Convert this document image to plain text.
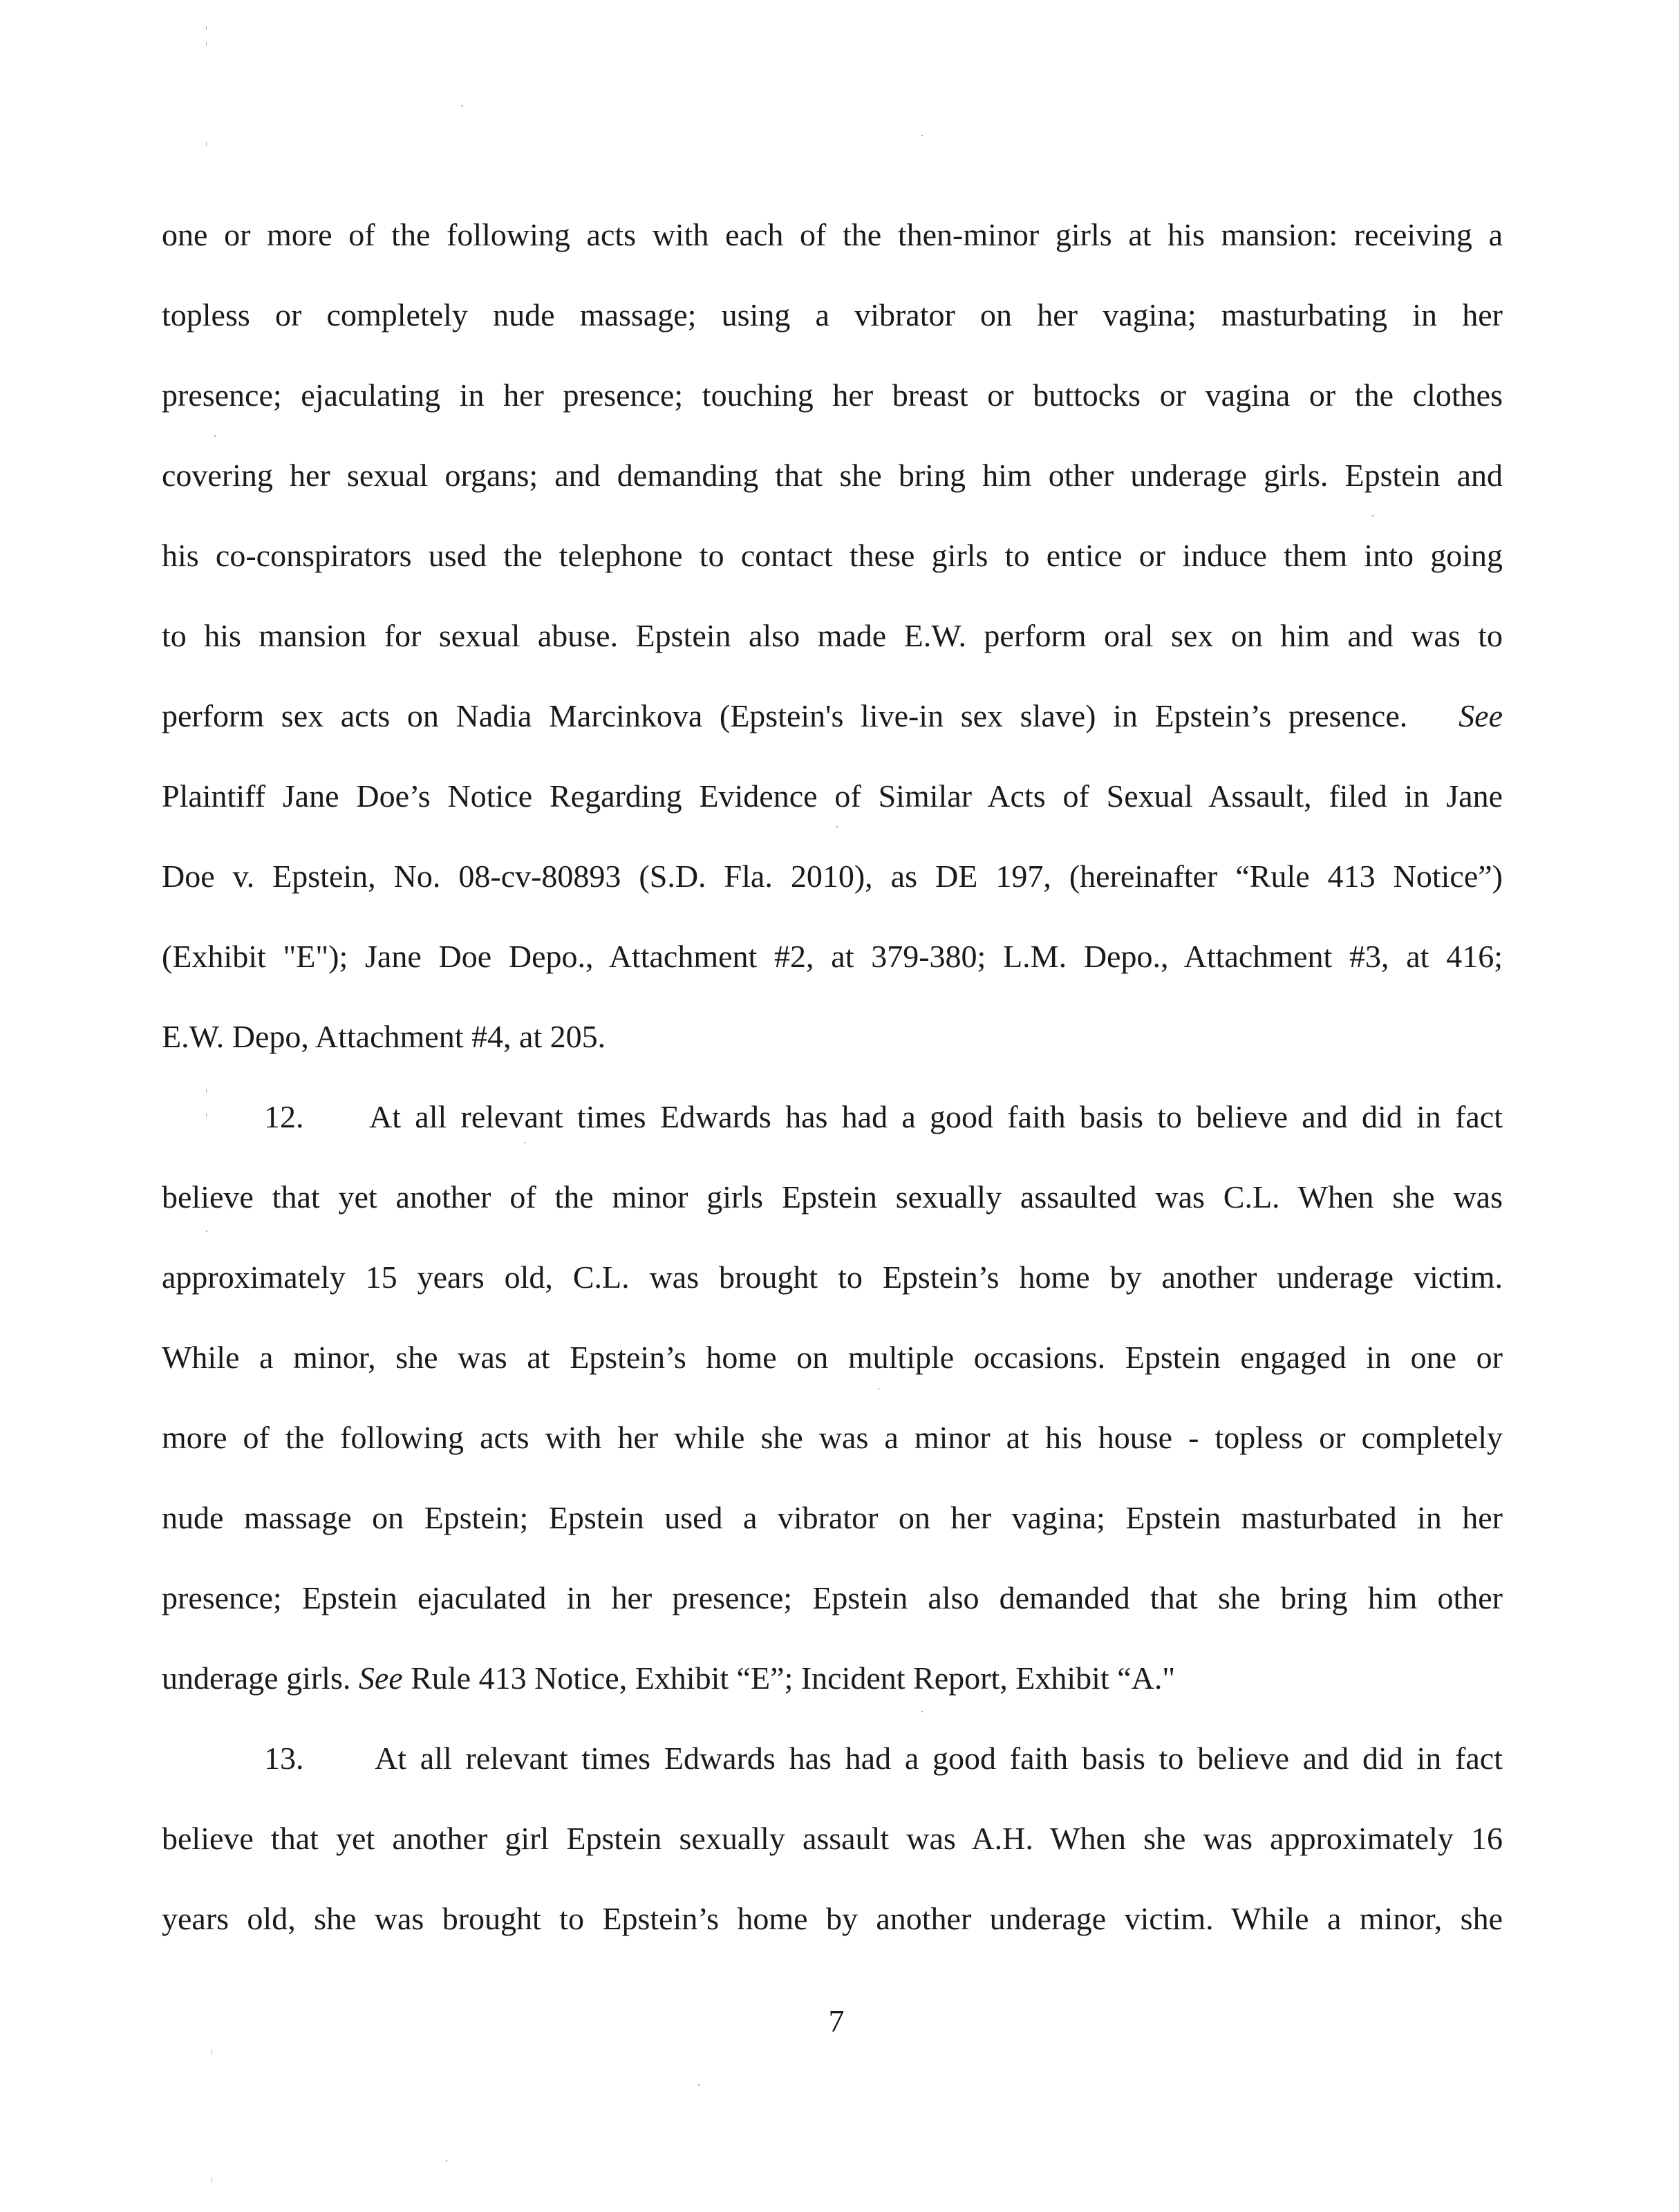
one or more of the following acts with each of the then-minor girls at his mansion: receiving a
topless or completely nude massage; using a vibrator on her vagina; masturbating in her
presence; ejaculating in her presence; touching her breast or buttocks or vagina or the clothes
covering her sexual organs; and demanding that she bring him other underage girls. Epstein and
his co-conspirators used the telephone to contact these girls to entice or induce them into going
to his mansion for sexual abuse. Epstein also made E.W. perform oral sex on him and was to
perform sex acts on Nadia Marcinkova (Epstein's live-in sex slave) in Epstein’s presence. See
Plaintiff Jane Doe’s Notice Regarding Evidence of Similar Acts of Sexual Assault, filed in Jane
Doe v. Epstein, No. 08-cv-80893 (S.D. Fla. 2010), as DE 197, (hereinafter “Rule 413 Notice”)
(Exhibit "E"); Jane Doe Depo., Attachment #2, at 379-380; L.M. Depo., Attachment #3, at 416;
E.W. Depo, Attachment #4, at 205.
12. At all relevant times Edwards has had a good faith basis to believe and did in fact
believe that yet another of the minor girls Epstein sexually assaulted was C.L. When she was
approximately 15 years old, C.L. was brought to Epstein’s home by another underage victim.
While a minor, she was at Epstein’s home on multiple occasions. Epstein engaged in one or
more of the following acts with her while she was a minor at his house - topless or completely
nude massage on Epstein; Epstein used a vibrator on her vagina; Epstein masturbated in her
presence; Epstein ejaculated in her presence; Epstein also demanded that she bring him other
underage girls. See Rule 413 Notice, Exhibit “E”; Incident Report, Exhibit “A."
13. At all relevant times Edwards has had a good faith basis to believe and did in fact
believe that yet another girl Epstein sexually assault was A.H. When she was approximately 16
years old, she was brought to Epstein’s home by another underage victim. While a minor, she
7
